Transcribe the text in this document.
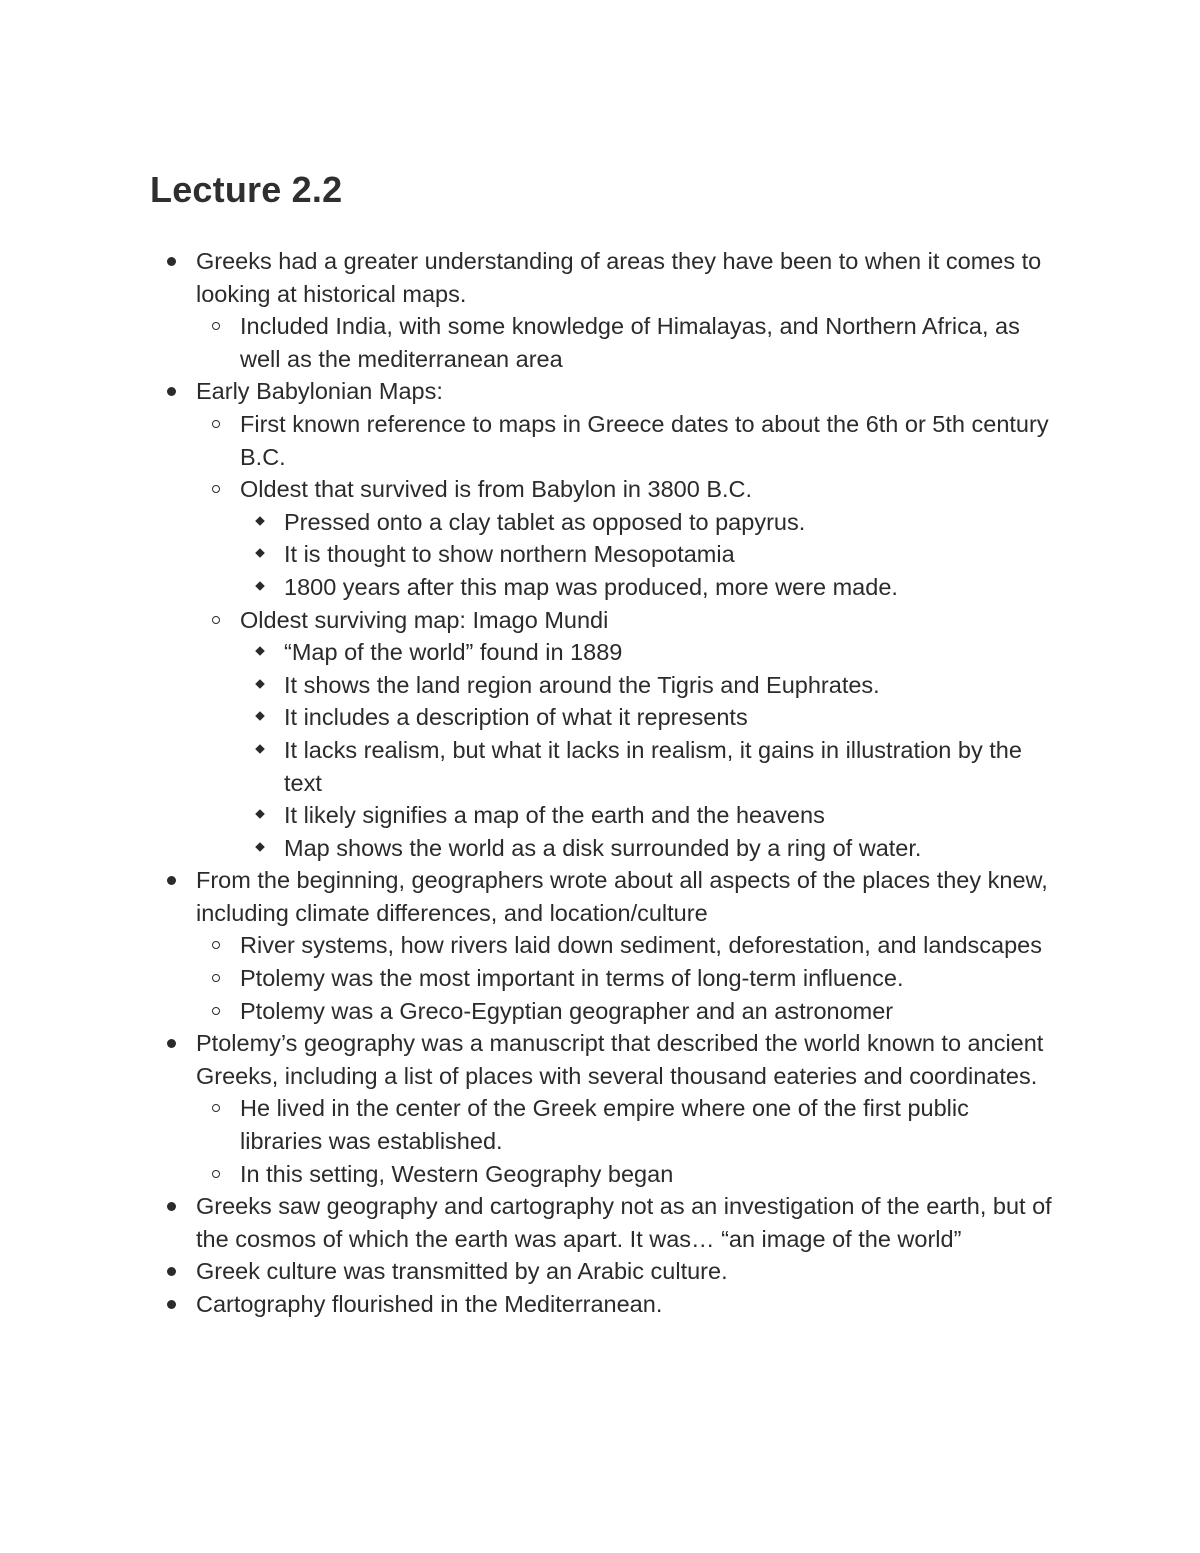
Lecture 2.2
Greeks had a greater understanding of areas they have been to when it comes to looking at historical maps.
Included India, with some knowledge of Himalayas, and Northern Africa, as well as the mediterranean area
Early Babylonian Maps:
First known reference to maps in Greece dates to about the 6th or 5th century B.C.
Oldest that survived is from Babylon in 3800 B.C.
Pressed onto a clay tablet as opposed to papyrus.
It is thought to show northern Mesopotamia
1800 years after this map was produced, more were made.
Oldest surviving map: Imago Mundi
“Map of the world” found in 1889
It shows the land region around the Tigris and Euphrates.
It includes a description of what it represents
It lacks realism, but what it lacks in realism, it gains in illustration by the text
It likely signifies a map of the earth and the heavens
Map shows the world as a disk surrounded by a ring of water.
From the beginning, geographers wrote about all aspects of the places they knew, including climate differences, and location/culture
River systems, how rivers laid down sediment, deforestation, and landscapes
Ptolemy was the most important in terms of long-term influence.
Ptolemy was a Greco-Egyptian geographer and an astronomer
Ptolemy’s geography was a manuscript that described the world known to ancient Greeks, including a list of places with several thousand eateries and coordinates.
He lived in the center of the Greek empire where one of the first public libraries was established.
In this setting, Western Geography began
Greeks saw geography and cartography not as an investigation of the earth, but of the cosmos of which the earth was apart. It was… “an image of the world”
Greek culture was transmitted by an Arabic culture.
Cartography flourished in the Mediterranean.
